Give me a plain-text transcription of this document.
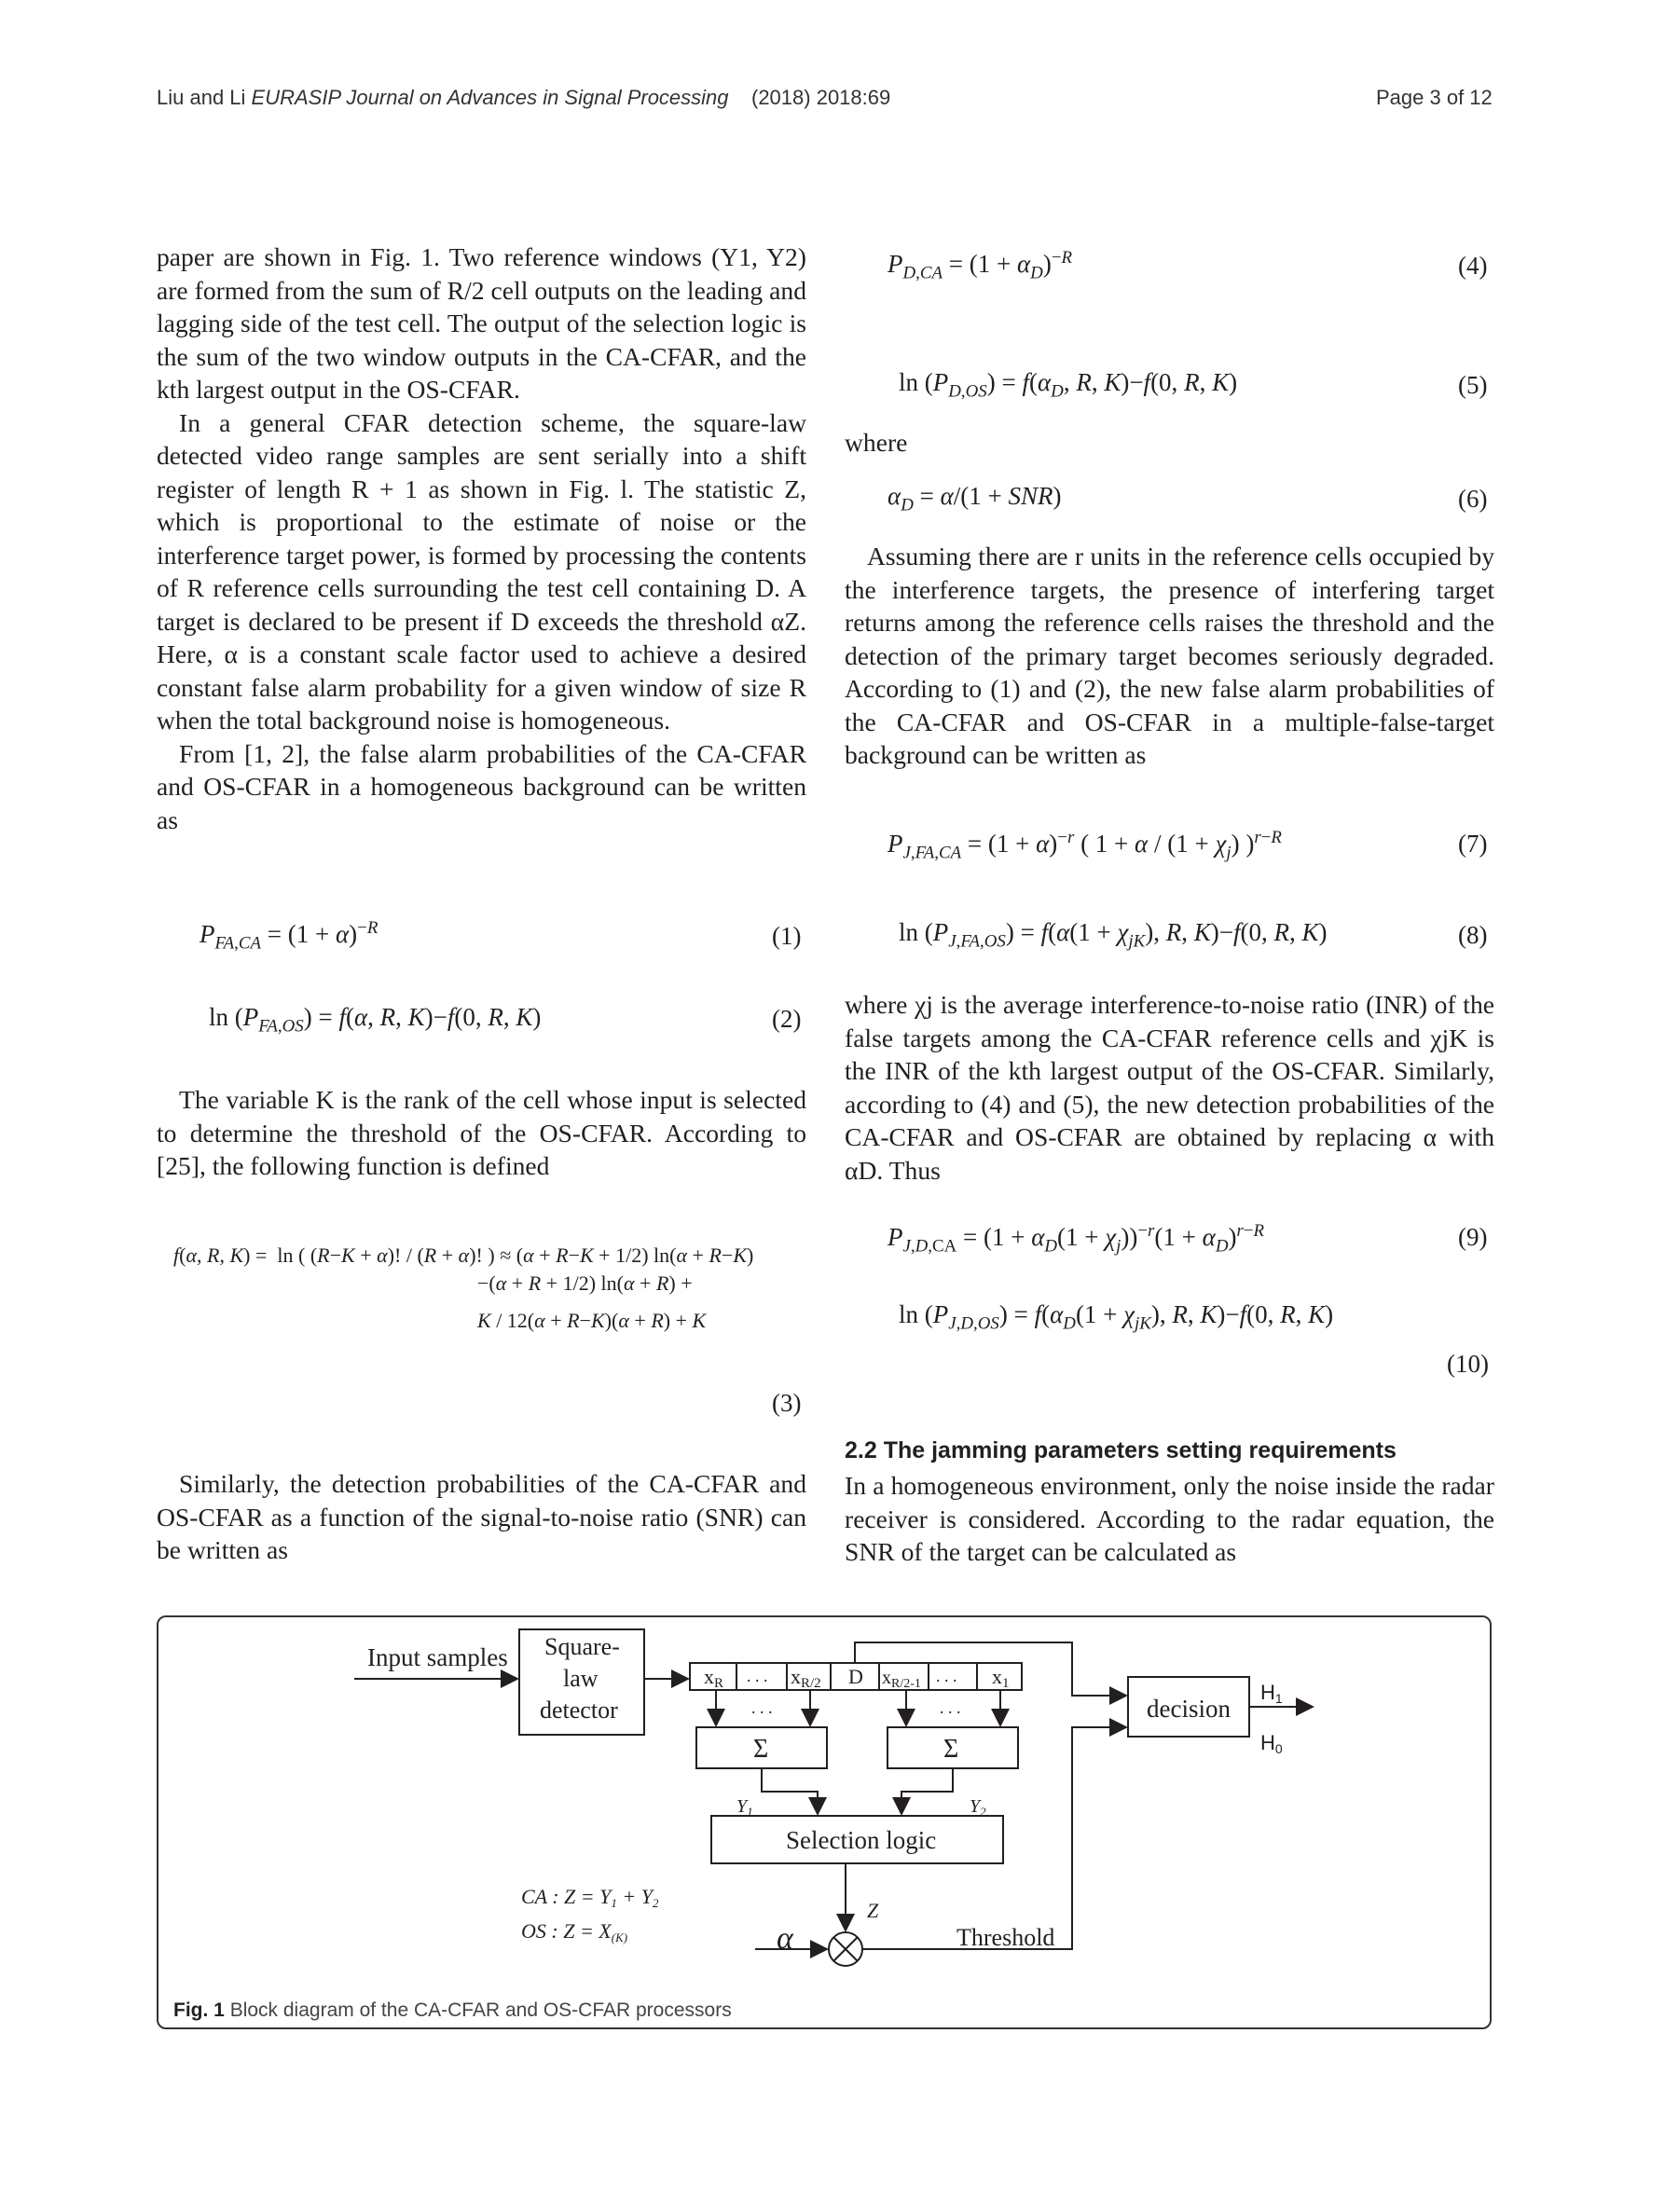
Liu and Li EURASIP Journal on Advances in Signal Processing (2018) 2018:69	Page 3 of 12

paper are shown in Fig. 1. Two reference windows (Y1, Y2) are formed from the sum of R/2 cell outputs on the leading and lagging side of the test cell. The output of the selection logic is the sum of the two window outputs in the CA-CFAR, and the kth largest output in the OS-CFAR.

In a general CFAR detection scheme, the square-law detected video range samples are sent serially into a shift register of length R + 1 as shown in Fig. l. The statistic Z, which is proportional to the estimate of noise or the interference target power, is formed by processing the contents of R reference cells surrounding the test cell containing D. A target is declared to be present if D exceeds the threshold αZ. Here, α is a constant scale factor used to achieve a desired constant false alarm probability for a given window of size R when the total background noise is homogeneous.

From [1, 2], the false alarm probabilities of the CA-CFAR and OS-CFAR in a homogeneous background can be written as

$P_{FA,CA} = (1 + \alpha)^{-R}$	(1)
$\ln (P_{FA,OS}) = f(\alpha$, R, K)−f(0, R, K)	(2)

The variable K is the rank of the cell whose input is selected to determine the threshold of the OS-CFAR. According to [25], the following function is defined

f(α, R, K) =  ln ( (R−K + α)! / (R + α)! ) ≈ (α + R−K + 1/2) ln(α + R−K)
−(α + R + 1/2) ln(α + R) +
K / 12(α + R−K)(α + R) + K
(3)

Similarly, the detection probabilities of the CA-CFAR and OS-CFAR as a function of the signal-to-noise ratio (SNR) can be written as

$P_{D,CA} = (1 + \alpha_D)^{-R}$	(4)
$\ln (P_{D,OS}) = f(\alpha_D$, R, K)−f(0, R, K)	(5)
where
$\alpha_D = \alpha/(1 + SNR)$	(6)

Assuming there are r units in the reference cells occupied by the interference targets, the presence of interfering target returns among the reference cells raises the threshold and the detection of the primary target becomes seriously degraded. According to (1) and (2), the new false alarm probabilities of the CA-CFAR and OS-CFAR in a multiple-false-target background can be written as

$P_{J,FA,CA} = (1 + \alpha)^{-r}$ ( $1 + \alpha / (1 + \chi_j)$ )$^{r-R}$	(7)
$\ln (P_{J,FA,OS}) = f(\alpha(1 + \chi_{jK})$, R, K)−f(0, R, K)	(8)

where χj is the average interference-to-noise ratio (INR) of the false targets among the CA-CFAR reference cells and χjK is the INR of the kth largest output of the OS-CFAR. Similarly, according to (4) and (5), the new detection probabilities of the CA-CFAR and OS-CFAR are obtained by replacing α with αD. Thus

$P_{J,D,CA} = (1 + \alpha_D(1 + \chi_j))^{-r}(1 + \alpha_D)^{r-R}$	(9)
$\ln (P_{J,D,OS}) = f(\alpha_D(1 + \chi_{jK})$, R, K)−f(0, R, K)
(10)
2.2 The jamming parameters setting requirements

In a homogeneous environment, only the noise inside the radar receiver is considered. According to the radar equation, the SNR of the target can be calculated as

Input samples Square-
law
detector
xR . . . xR/2 D $x_{R/2-1}$ . . . x1
. . .	. . .
Σ	Σ
$Y_1$	$Y_2$
Selection logic
CA : Z = Y1 + Y2
OS : Z = X(K)
Z
α	Threshold
decision
H1
H0
Fig. 1 Block diagram of the CA-CFAR and OS-CFAR processors
